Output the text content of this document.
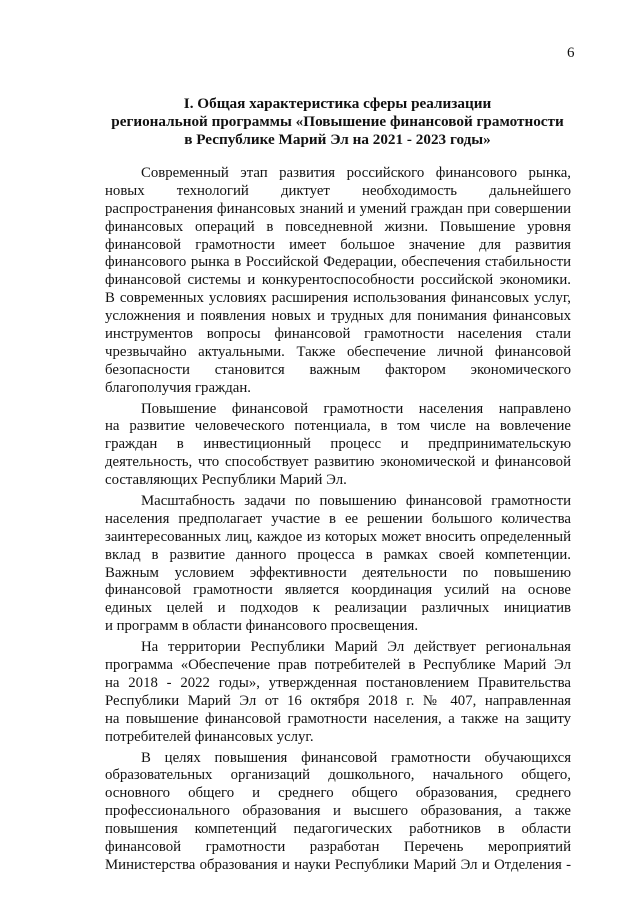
6
I. Общая характеристика сферы реализации
региональной программы «Повышение финансовой грамотности
в Республике Марий Эл на 2021 - 2023 годы»
Современный этап развития российского финансового рынка,
новых технологий диктует необходимость дальнейшего
распространения финансовых знаний и умений граждан при совершении
финансовых операций в повседневной жизни. Повышение уровня
финансовой грамотности имеет большое значение для развития
финансового рынка в Российской Федерации, обеспечения стабильности
финансовой системы и конкурентоспособности российской экономики.
В современных условиях расширения использования финансовых услуг,
усложнения и появления новых и трудных для понимания финансовых
инструментов вопросы финансовой грамотности населения стали
чрезвычайно актуальными. Также обеспечение личной финансовой
безопасности становится важным фактором экономического
благополучия граждан.
Повышение финансовой грамотности населения направлено
на развитие человеческого потенциала, в том числе на вовлечение
граждан в инвестиционный процесс и предпринимательскую
деятельность, что способствует развитию экономической и финансовой
составляющих Республики Марий Эл.
Масштабность задачи по повышению финансовой грамотности
населения предполагает участие в ее решении большого количества
заинтересованных лиц, каждое из которых может вносить определенный
вклад в развитие данного процесса в рамках своей компетенции.
Важным условием эффективности деятельности по повышению
финансовой грамотности является координация усилий на основе
единых целей и подходов к реализации различных инициатив
и программ в области финансового просвещения.
На территории Республики Марий Эл действует региональная
программа «Обеспечение прав потребителей в Республике Марий Эл
на 2018 - 2022 годы», утвержденная постановлением Правительства
Республики Марий Эл от 16 октября 2018 г. № 407, направленная
на повышение финансовой грамотности населения, а также на защиту
потребителей финансовых услуг.
В целях повышения финансовой грамотности обучающихся
образовательных организаций дошкольного, начального общего,
основного общего и среднего общего образования, среднего
профессионального образования и высшего образования, а также
повышения компетенций педагогических работников в области
финансовой грамотности разработан Перечень мероприятий
Министерства образования и науки Республики Марий Эл и Отделения -
